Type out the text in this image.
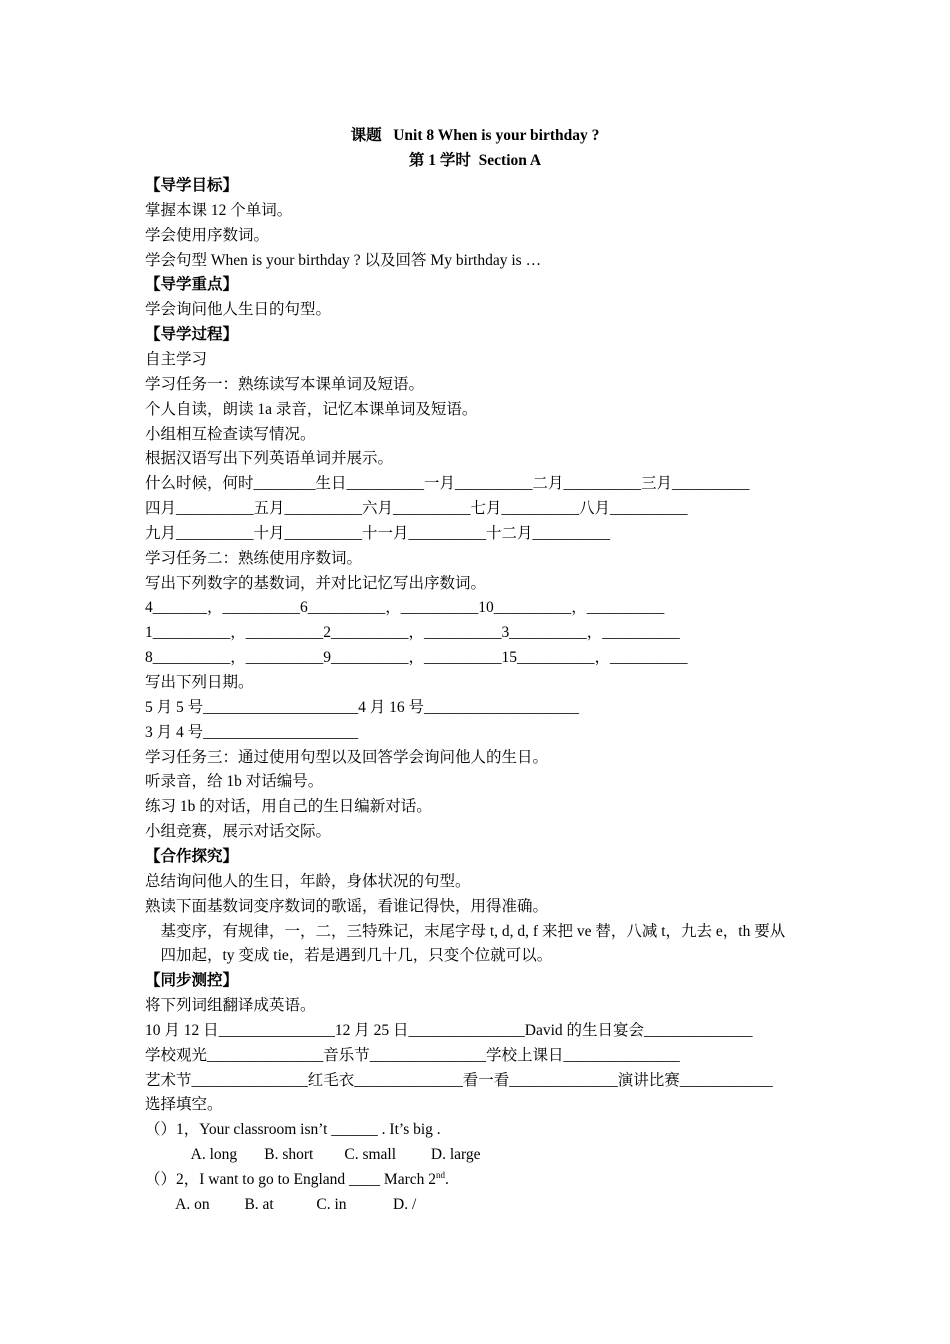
课题   Unit 8 When is your birthday ?
第 1 学时  Section A
【导学目标】
掌握本课 12 个单词。
学会使用序数词。
学会句型 When is your birthday ? 以及回答 My birthday is …
【导学重点】
学会询问他人生日的句型。
【导学过程】
自主学习
学习任务一：熟练读写本课单词及短语。
个人自读，朗读 1a 录音，记忆本课单词及短语。
小组相互检查读写情况。
根据汉语写出下列英语单词并展示。
什么时候，何时________生日__________一月__________二月__________三月__________
四月__________五月__________六月__________七月__________八月__________
九月__________十月__________十一月__________十二月__________
学习任务二：熟练使用序数词。
写出下列数字的基数词，并对比记忆写出序数词。
4_______，__________6__________，__________10__________，__________
1__________，__________2__________，__________3__________，__________
8__________，__________9__________，__________15__________，__________
写出下列日期。
5 月 5 号____________________4 月 16 号____________________
3 月 4 号____________________
学习任务三：通过使用句型以及回答学会询问他人的生日。
听录音，给 1b 对话编号。
练习 1b 的对话，用自己的生日编新对话。
小组竞赛，展示对话交际。
【合作探究】
总结询问他人的生日，年龄，身体状况的句型。
熟读下面基数词变序数词的歌谣，看谁记得快，用得准确。
基变序，有规律，一，二，三特殊记，末尾字母 t, d, d, f 来把 ve 替，八减 t，九去 e，th 要从
四加起，ty 变成 tie，若是遇到几十几，只变个位就可以。
【同步测控】
将下列词组翻译成英语。
10 月 12 日_______________12 月 25 日_______________David 的生日宴会______________
学校观光_______________音乐节_______________学校上课日_______________
艺术节_______________红毛衣______________看一看______________演讲比赛____________
选择填空。
（）1，Your classroom isn’t ______ . It’s big .
A. long       B. short        C. small         D. large
（）2，I want to go to England ____ March 2nd.
A. on         B. at           C. in            D. /
